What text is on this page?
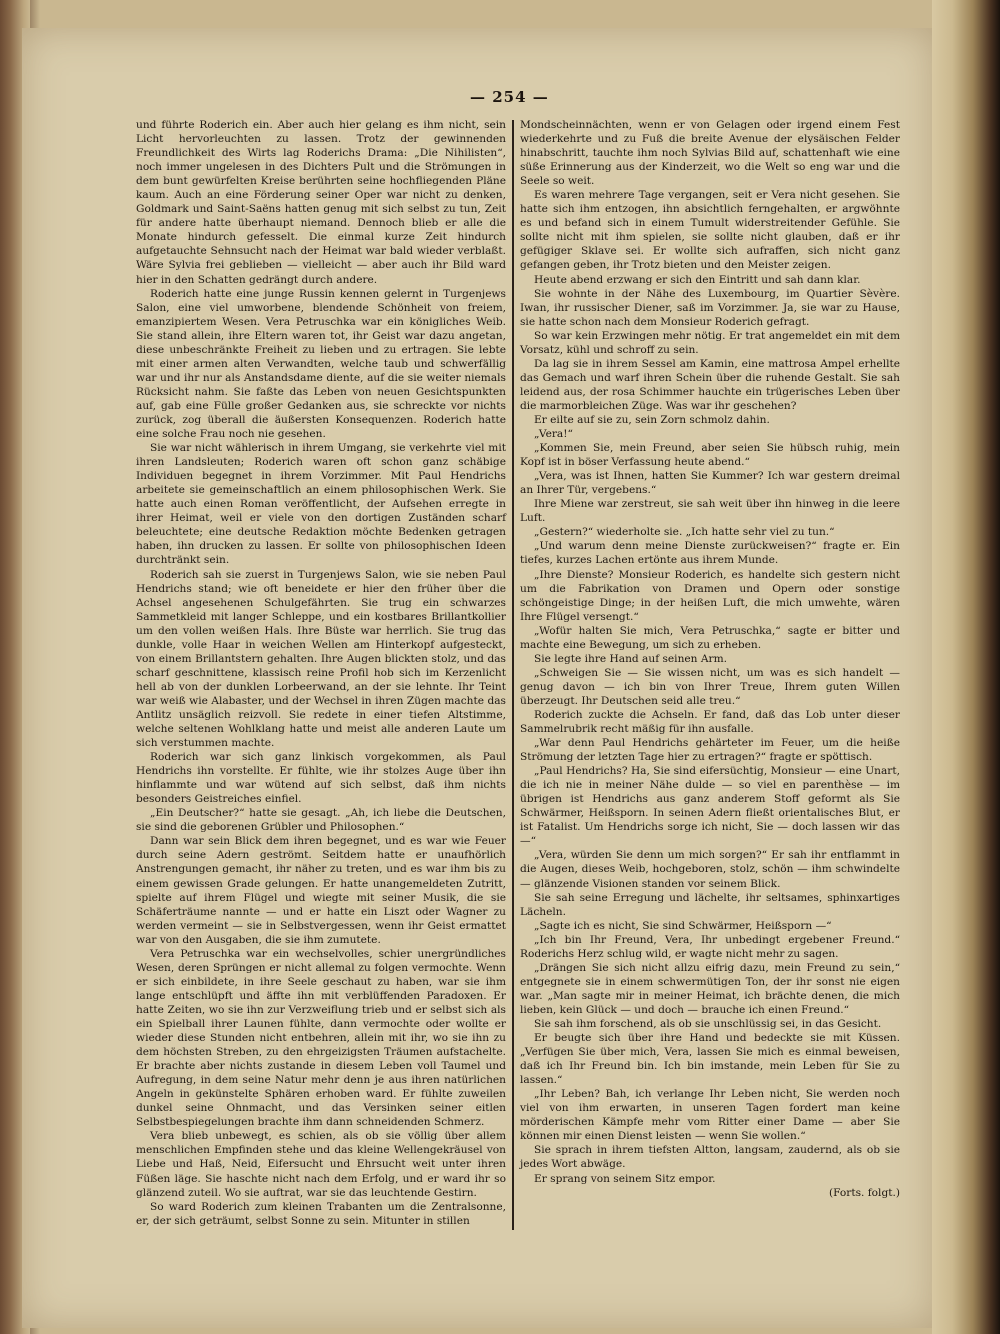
— 254 —

und führte Roderich ein. Aber auch hier gelang es ihm nicht, sein Licht hervorleuchten zu lassen. Trotz der gewinnenden Freundlichkeit des Wirts lag Roderichs Drama: „Die Nihilisten“, noch immer ungelesen in des Dichters Pult und die Strömungen in dem bunt gewürfelten Kreise berührten seine hochfliegenden Pläne kaum. Auch an eine Förderung seiner Oper war nicht zu denken, Goldmark und Saint-Saëns hatten genug mit sich selbst zu tun, Zeit für andere hatte überhaupt niemand. Dennoch blieb er alle die Monate hindurch gefesselt. Die einmal kurze Zeit hindurch aufgetauchte Sehnsucht nach der Heimat war bald wieder verblaßt. Wäre Sylvia frei geblieben — vielleicht — aber auch ihr Bild ward hier in den Schatten gedrängt durch andere.

Roderich hatte eine junge Russin kennen gelernt in Turgenjews Salon, eine viel umworbene, blendende Schönheit von freiem, emanzipiertem Wesen. Vera Petruschka war ein königliches Weib. Sie stand allein, ihre Eltern waren tot, ihr Geist war dazu angetan, diese unbeschränkte Freiheit zu lieben und zu ertragen. Sie lebte mit einer armen alten Verwandten, welche taub und schwerfällig war und ihr nur als Anstandsdame diente, auf die sie weiter niemals Rücksicht nahm. Sie faßte das Leben von neuen Gesichtspunkten auf, gab eine Fülle großer Gedanken aus, sie schreckte vor nichts zurück, zog überall die äußersten Konsequenzen. Roderich hatte eine solche Frau noch nie gesehen.

Sie war nicht wählerisch in ihrem Umgang, sie verkehrte viel mit ihren Landsleuten; Roderich waren oft schon ganz schäbige Individuen begegnet in ihrem Vorzimmer. Mit Paul Hendrichs arbeitete sie gemeinschaftlich an einem philosophischen Werk. Sie hatte auch einen Roman veröffentlicht, der Aufsehen erregte in ihrer Heimat, weil er viele von den dortigen Zuständen scharf beleuchtete; eine deutsche Redaktion möchte Bedenken getragen haben, ihn drucken zu lassen. Er sollte von philosophischen Ideen durchtränkt sein.

Roderich sah sie zuerst in Turgenjews Salon, wie sie neben Paul Hendrichs stand; wie oft beneidete er hier den früher über die Achsel angesehenen Schulgefährten. Sie trug ein schwarzes Sammetkleid mit langer Schleppe, und ein kostbares Brillantkollier um den vollen weißen Hals. Ihre Büste war herrlich. Sie trug das dunkle, volle Haar in weichen Wellen am Hinterkopf aufgesteckt, von einem Brillantstern gehalten. Ihre Augen blickten stolz, und das scharf geschnittene, klassisch reine Profil hob sich im Kerzenlicht hell ab von der dunklen Lorbeerwand, an der sie lehnte. Ihr Teint war weiß wie Alabaster, und der Wechsel in ihren Zügen machte das Antlitz unsäglich reizvoll. Sie redete in einer tiefen Altstimme, welche seltenen Wohlklang hatte und meist alle anderen Laute um sich verstummen machte.

Roderich war sich ganz linkisch vorgekommen, als Paul Hendrichs ihn vorstellte. Er fühlte, wie ihr stolzes Auge über ihn hinflammte und war wütend auf sich selbst, daß ihm nichts besonders Geistreiches einfiel.

„Ein Deutscher?“ hatte sie gesagt. „Ah, ich liebe die Deutschen, sie sind die geborenen Grübler und Philosophen.“

Dann war sein Blick dem ihren begegnet, und es war wie Feuer durch seine Adern geströmt. Seitdem hatte er unaufhörlich Anstrengungen gemacht, ihr näher zu treten, und es war ihm bis zu einem gewissen Grade gelungen. Er hatte unangemeldeten Zutritt, spielte auf ihrem Flügel und wiegte mit seiner Musik, die sie Schäferträume nannte — und er hatte ein Liszt oder Wagner zu werden vermeint — sie in Selbstvergessen, wenn ihr Geist ermattet war von den Ausgaben, die sie ihm zumutete.

Vera Petruschka war ein wechselvolles, schier unergründliches Wesen, deren Sprüngen er nicht allemal zu folgen vermochte. Wenn er sich einbildete, in ihre Seele geschaut zu haben, war sie ihm lange entschlüpft und äffte ihn mit verblüffenden Paradoxen. Er hatte Zeiten, wo sie ihn zur Verzweiflung trieb und er selbst sich als ein Spielball ihrer Launen fühlte, dann vermochte oder wollte er wieder diese Stunden nicht entbehren, allein mit ihr, wo sie ihn zu dem höchsten Streben, zu den ehrgeizigsten Träumen aufstachelte. Er brachte aber nichts zustande in diesem Leben voll Taumel und Aufregung, in dem seine Natur mehr denn je aus ihren natürlichen Angeln in gekünstelte Sphären erhoben ward. Er fühlte zuweilen dunkel seine Ohnmacht, und das Versinken seiner eitlen Selbstbespiegelungen brachte ihm dann schneidenden Schmerz.

Vera blieb unbewegt, es schien, als ob sie völlig über allem menschlichen Empfinden stehe und das kleine Wellengekräusel von Liebe und Haß, Neid, Eifersucht und Ehrsucht weit unter ihren Füßen läge. Sie haschte nicht nach dem Erfolg, und er ward ihr so glänzend zuteil. Wo sie auftrat, war sie das leuchtende Gestirn.

So ward Roderich zum kleinen Trabanten um die Zentralsonne, er, der sich geträumt, selbst Sonne zu sein. Mitunter in stillen

Mondscheinnächten, wenn er von Gelagen oder irgend einem Fest wiederkehrte und zu Fuß die breite Avenue der elysäischen Felder hinabschritt, tauchte ihm noch Sylvias Bild auf, schattenhaft wie eine süße Erinnerung aus der Kinderzeit, wo die Welt so eng war und die Seele so weit.

Es waren mehrere Tage vergangen, seit er Vera nicht gesehen. Sie hatte sich ihm entzogen, ihn absichtlich ferngehalten, er argwöhnte es und befand sich in einem Tumult widerstreitender Gefühle. Sie sollte nicht mit ihm spielen, sie sollte nicht glauben, daß er ihr gefügiger Sklave sei. Er wollte sich aufraffen, sich nicht ganz gefangen geben, ihr Trotz bieten und den Meister zeigen.

Heute abend erzwang er sich den Eintritt und sah dann klar.

Sie wohnte in der Nähe des Luxembourg, im Quartier Sèvère. Iwan, ihr russischer Diener, saß im Vorzimmer. Ja, sie war zu Hause, sie hatte schon nach dem Monsieur Roderich gefragt.

So war kein Erzwingen mehr nötig. Er trat angemeldet ein mit dem Vorsatz, kühl und schroff zu sein.

Da lag sie in ihrem Sessel am Kamin, eine mattrosa Ampel erhellte das Gemach und warf ihren Schein über die ruhende Gestalt. Sie sah leidend aus, der rosa Schimmer hauchte ein trügerisches Leben über die marmorbleichen Züge. Was war ihr geschehen?

Er eilte auf sie zu, sein Zorn schmolz dahin.

„Vera!“

„Kommen Sie, mein Freund, aber seien Sie hübsch ruhig, mein Kopf ist in böser Verfassung heute abend.“

„Vera, was ist Ihnen, hatten Sie Kummer? Ich war gestern dreimal an Ihrer Tür, vergebens.“

Ihre Miene war zerstreut, sie sah weit über ihn hinweg in die leere Luft.

„Gestern?“ wiederholte sie. „Ich hatte sehr viel zu tun.“

„Und warum denn meine Dienste zurückweisen?“ fragte er. Ein tiefes, kurzes Lachen ertönte aus ihrem Munde.

„Ihre Dienste? Monsieur Roderich, es handelte sich gestern nicht um die Fabrikation von Dramen und Opern oder sonstige schöngeistige Dinge; in der heißen Luft, die mich umwehte, wären Ihre Flügel versengt.“

„Wofür halten Sie mich, Vera Petruschka,“ sagte er bitter und machte eine Bewegung, um sich zu erheben.

Sie legte ihre Hand auf seinen Arm.

„Schweigen Sie — Sie wissen nicht, um was es sich handelt — genug davon — ich bin von Ihrer Treue, Ihrem guten Willen überzeugt. Ihr Deutschen seid alle treu.“

Roderich zuckte die Achseln. Er fand, daß das Lob unter dieser Sammelrubrik recht mäßig für ihn ausfalle.

„War denn Paul Hendrichs gehärteter im Feuer, um die heiße Strömung der letzten Tage hier zu ertragen?“ fragte er spöttisch.

„Paul Hendrichs? Ha, Sie sind eifersüchtig, Monsieur — eine Unart, die ich nie in meiner Nähe dulde — so viel en parenthèse — im übrigen ist Hendrichs aus ganz anderem Stoff geformt als Sie Schwärmer, Heißsporn. In seinen Adern fließt orientalisches Blut, er ist Fatalist. Um Hendrichs sorge ich nicht, Sie — doch lassen wir das —“

„Vera, würden Sie denn um mich sorgen?“ Er sah ihr entflammt in die Augen, dieses Weib, hochgeboren, stolz, schön — ihm schwindelte — glänzende Visionen standen vor seinem Blick.

Sie sah seine Erregung und lächelte, ihr seltsames, sphinxartiges Lächeln.

„Sagte ich es nicht, Sie sind Schwärmer, Heißsporn —“

„Ich bin Ihr Freund, Vera, Ihr unbedingt ergebener Freund.“ Roderichs Herz schlug wild, er wagte nicht mehr zu sagen.

„Drängen Sie sich nicht allzu eifrig dazu, mein Freund zu sein,“ entgegnete sie in einem schwermütigen Ton, der ihr sonst nie eigen war. „Man sagte mir in meiner Heimat, ich brächte denen, die mich lieben, kein Glück — und doch — brauche ich einen Freund.“

Sie sah ihm forschend, als ob sie unschlüssig sei, in das Gesicht.

Er beugte sich über ihre Hand und bedeckte sie mit Küssen. „Verfügen Sie über mich, Vera, lassen Sie mich es einmal beweisen, daß ich Ihr Freund bin. Ich bin imstande, mein Leben für Sie zu lassen.“

„Ihr Leben? Bah, ich verlange Ihr Leben nicht, Sie werden noch viel von ihm erwarten, in unseren Tagen fordert man keine mörderischen Kämpfe mehr vom Ritter einer Dame — aber Sie können mir einen Dienst leisten — wenn Sie wollen.“

Sie sprach in ihrem tiefsten Altton, langsam, zaudernd, als ob sie jedes Wort abwäge.

Er sprang von seinem Sitz empor.

(Forts. folgt.)
